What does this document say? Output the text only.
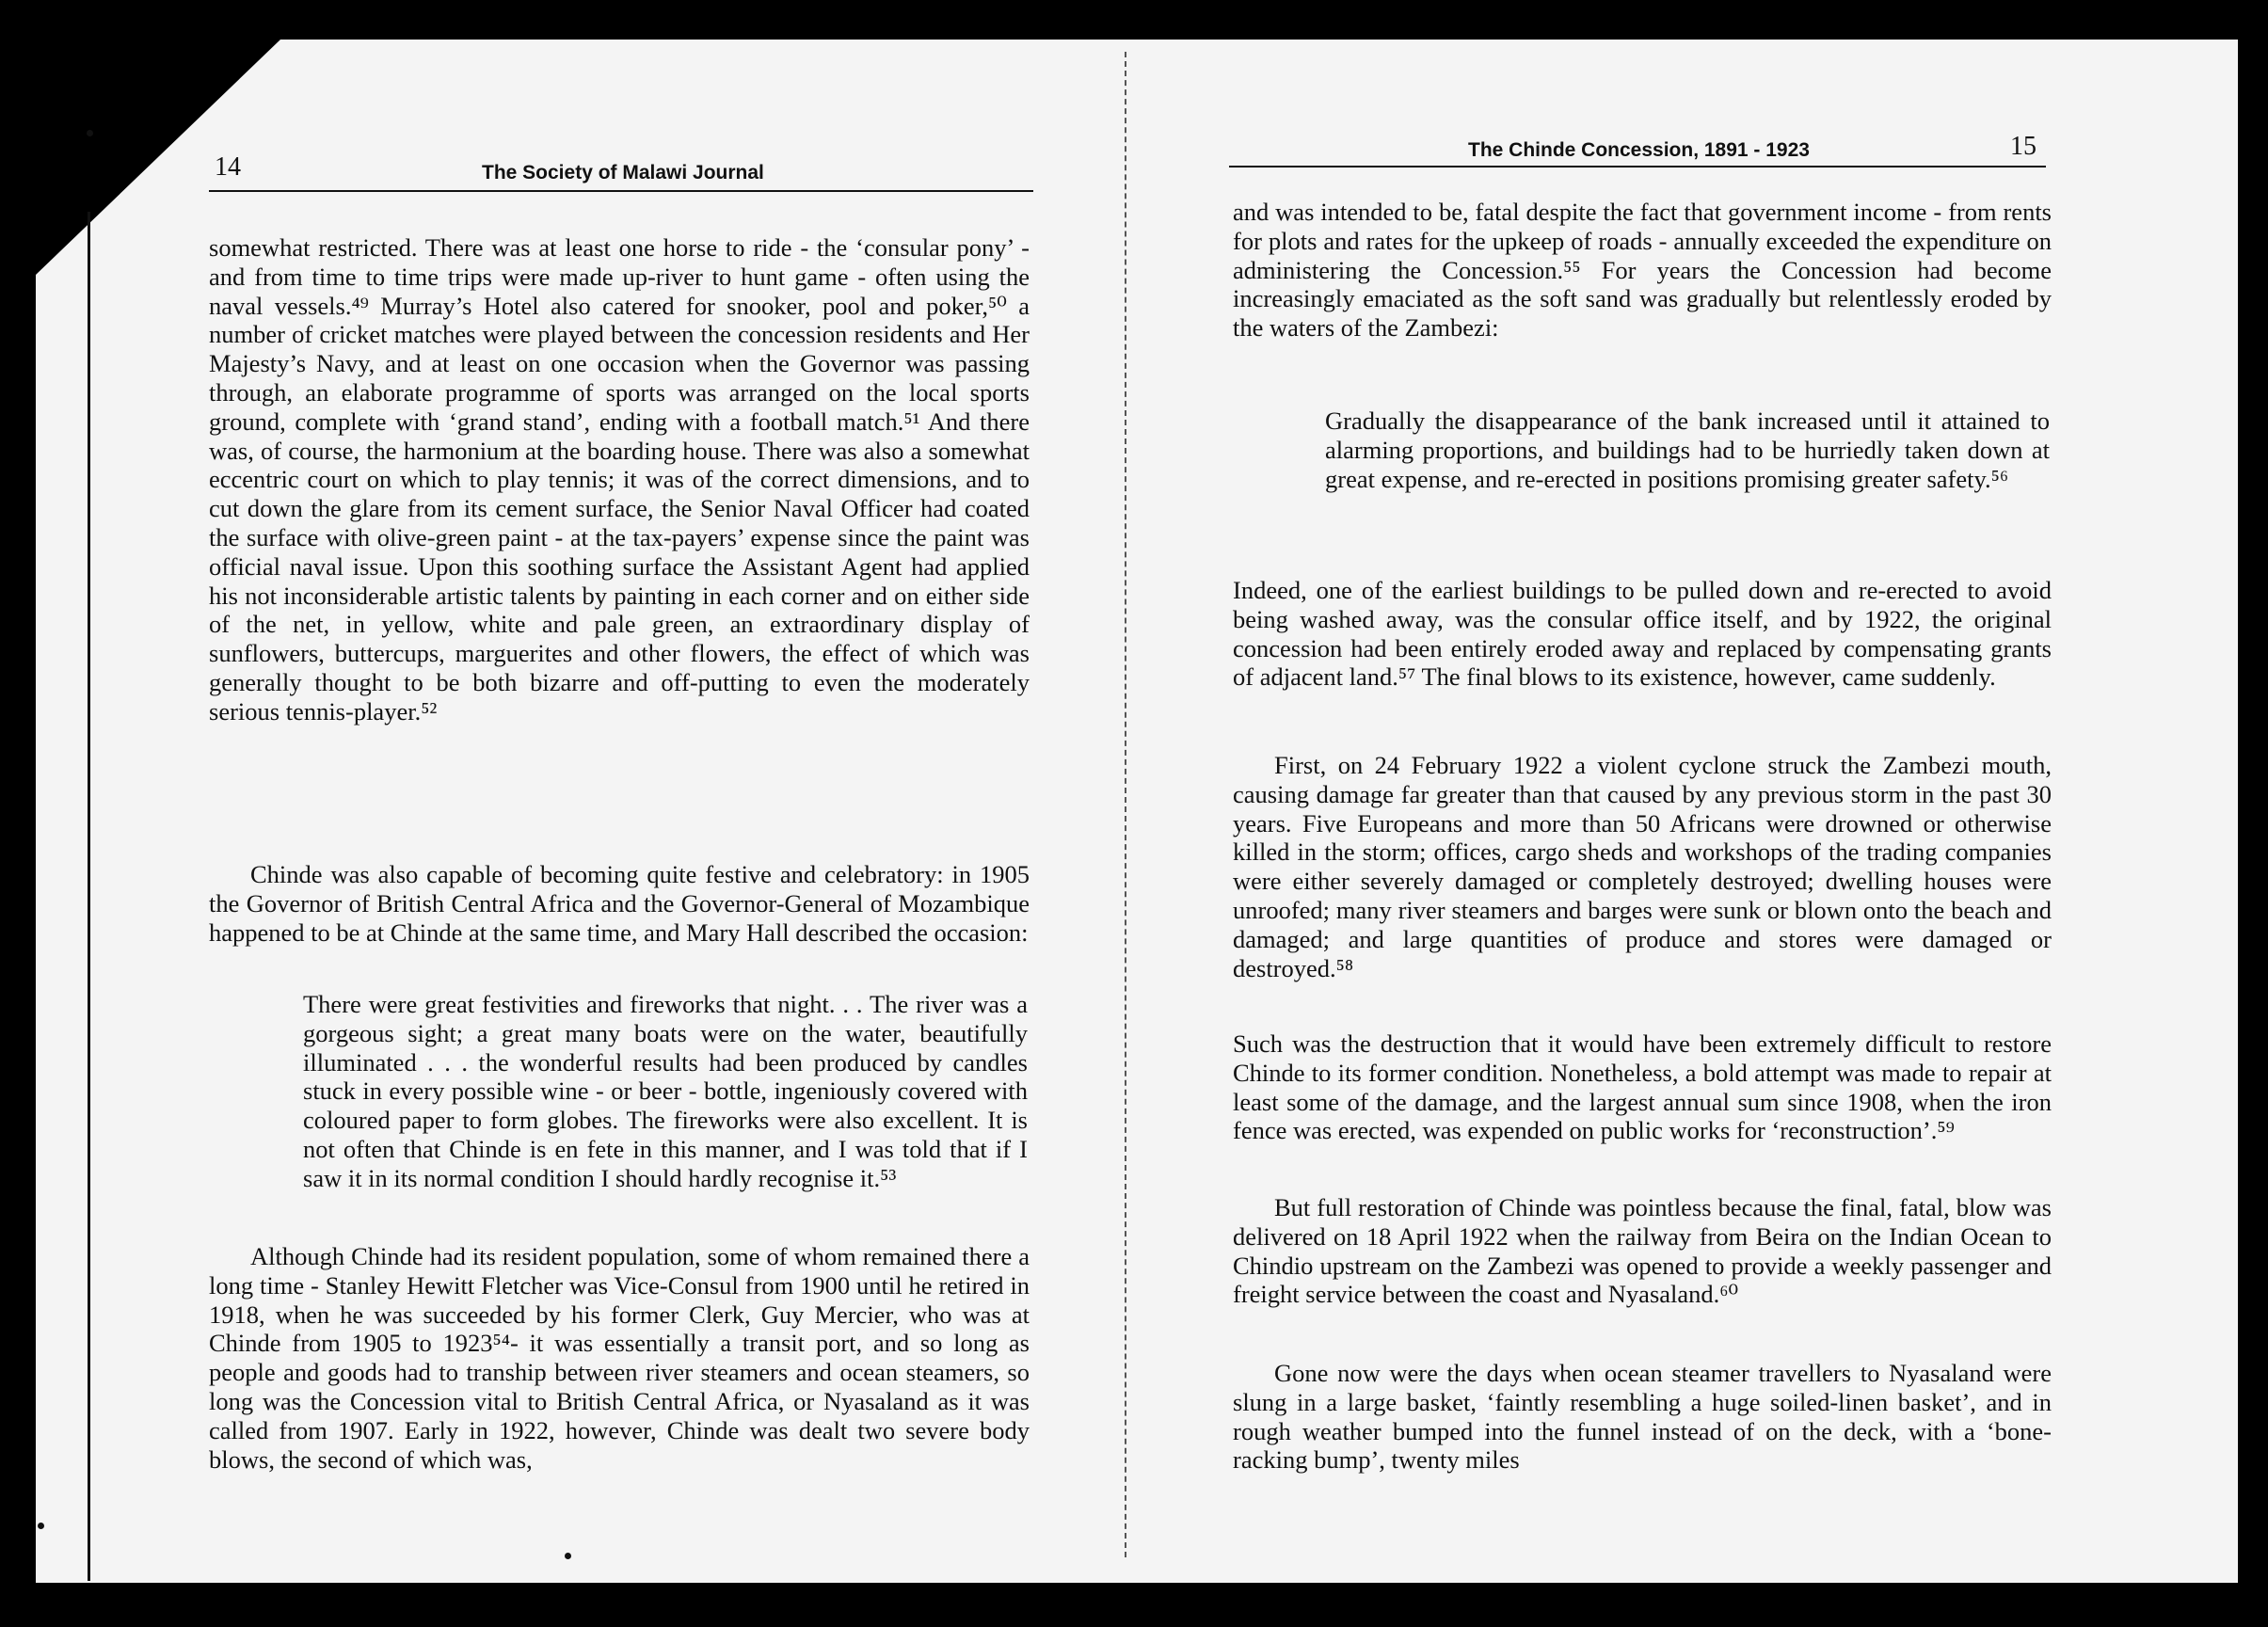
14	The Society of Malawi Journal
somewhat restricted. There was at least one horse to ride - the ‘consular pony’ - and from time to time trips were made up-river to hunt game - often using the naval vessels.⁴⁹ Murray’s Hotel also catered for snooker, pool and poker,⁵⁰ a number of cricket matches were played between the concession residents and Her Majesty’s Navy, and at least on one occasion when the Governor was passing through, an elaborate programme of sports was arranged on the local sports ground, complete with ‘grand stand’, ending with a football match.⁵¹ And there was, of course, the harmonium at the boarding house. There was also a somewhat eccentric court on which to play tennis; it was of the correct dimensions, and to cut down the glare from its cement surface, the Senior Naval Officer had coated the surface with olive-green paint - at the tax-payers’ expense since the paint was official naval issue. Upon this soothing surface the Assistant Agent had applied his not inconsiderable artistic talents by painting in each corner and on either side of the net, in yellow, white and pale green, an extraordinary display of sunflowers, buttercups, marguerites and other flowers, the effect of which was generally thought to be both bizarre and off-putting to even the moderately serious tennis-player.⁵²
Chinde was also capable of becoming quite festive and celebratory: in 1905 the Governor of British Central Africa and the Governor-General of Mozambique happened to be at Chinde at the same time, and Mary Hall described the occasion:
There were great festivities and fireworks that night. . . The river was a gorgeous sight; a great many boats were on the water, beautifully illuminated . . . the wonderful results had been produced by candles stuck in every possible wine - or beer - bottle, ingeniously covered with coloured paper to form globes. The fireworks were also excellent. It is not often that Chinde is en fete in this manner, and I was told that if I saw it in its normal condition I should hardly recognise it.⁵³
Although Chinde had its resident population, some of whom remained there a long time - Stanley Hewitt Fletcher was Vice-Consul from 1900 until he retired in 1918, when he was succeeded by his former Clerk, Guy Mercier, who was at Chinde from 1905 to 1923⁵⁴- it was essentially a transit port, and so long as people and goods had to tranship between river steamers and ocean steamers, so long was the Concession vital to British Central Africa, or Nyasaland as it was called from 1907. Early in 1922, however, Chinde was dealt two severe body blows, the second of which was,
The Chinde Concession, 1891 - 1923	15
and was intended to be, fatal despite the fact that government income - from rents for plots and rates for the upkeep of roads - annually exceeded the expenditure on administering the Concession.⁵⁵ For years the Concession had become increasingly emaciated as the soft sand was gradually but relentlessly eroded by the waters of the Zambezi:
Gradually the disappearance of the bank increased until it attained to alarming proportions, and buildings had to be hurriedly taken down at great expense, and re-erected in positions promising greater safety.⁵⁶
Indeed, one of the earliest buildings to be pulled down and re-erected to avoid being washed away, was the consular office itself, and by 1922, the original concession had been entirely eroded away and replaced by compensating grants of adjacent land.⁵⁷ The final blows to its existence, however, came suddenly.
First, on 24 February 1922 a violent cyclone struck the Zambezi mouth, causing damage far greater than that caused by any previous storm in the past 30 years. Five Europeans and more than 50 Africans were drowned or otherwise killed in the storm; offices, cargo sheds and workshops of the trading companies were either severely damaged or completely destroyed; dwelling houses were unroofed; many river steamers and barges were sunk or blown onto the beach and damaged; and large quantities of produce and stores were damaged or destroyed.⁵⁸
Such was the destruction that it would have been extremely difficult to restore Chinde to its former condition. Nonetheless, a bold attempt was made to repair at least some of the damage, and the largest annual sum since 1908, when the iron fence was erected, was expended on public works for ‘reconstruction’.⁵⁹
But full restoration of Chinde was pointless because the final, fatal, blow was delivered on 18 April 1922 when the railway from Beira on the Indian Ocean to Chindio upstream on the Zambezi was opened to provide a weekly passenger and freight service between the coast and Nyasaland.⁶⁰
Gone now were the days when ocean steamer travellers to Nyasaland were slung in a large basket, ‘faintly resembling a huge soiled-linen basket’, and in rough weather bumped into the funnel instead of on the deck, with a ‘bone-racking bump’, twenty miles
